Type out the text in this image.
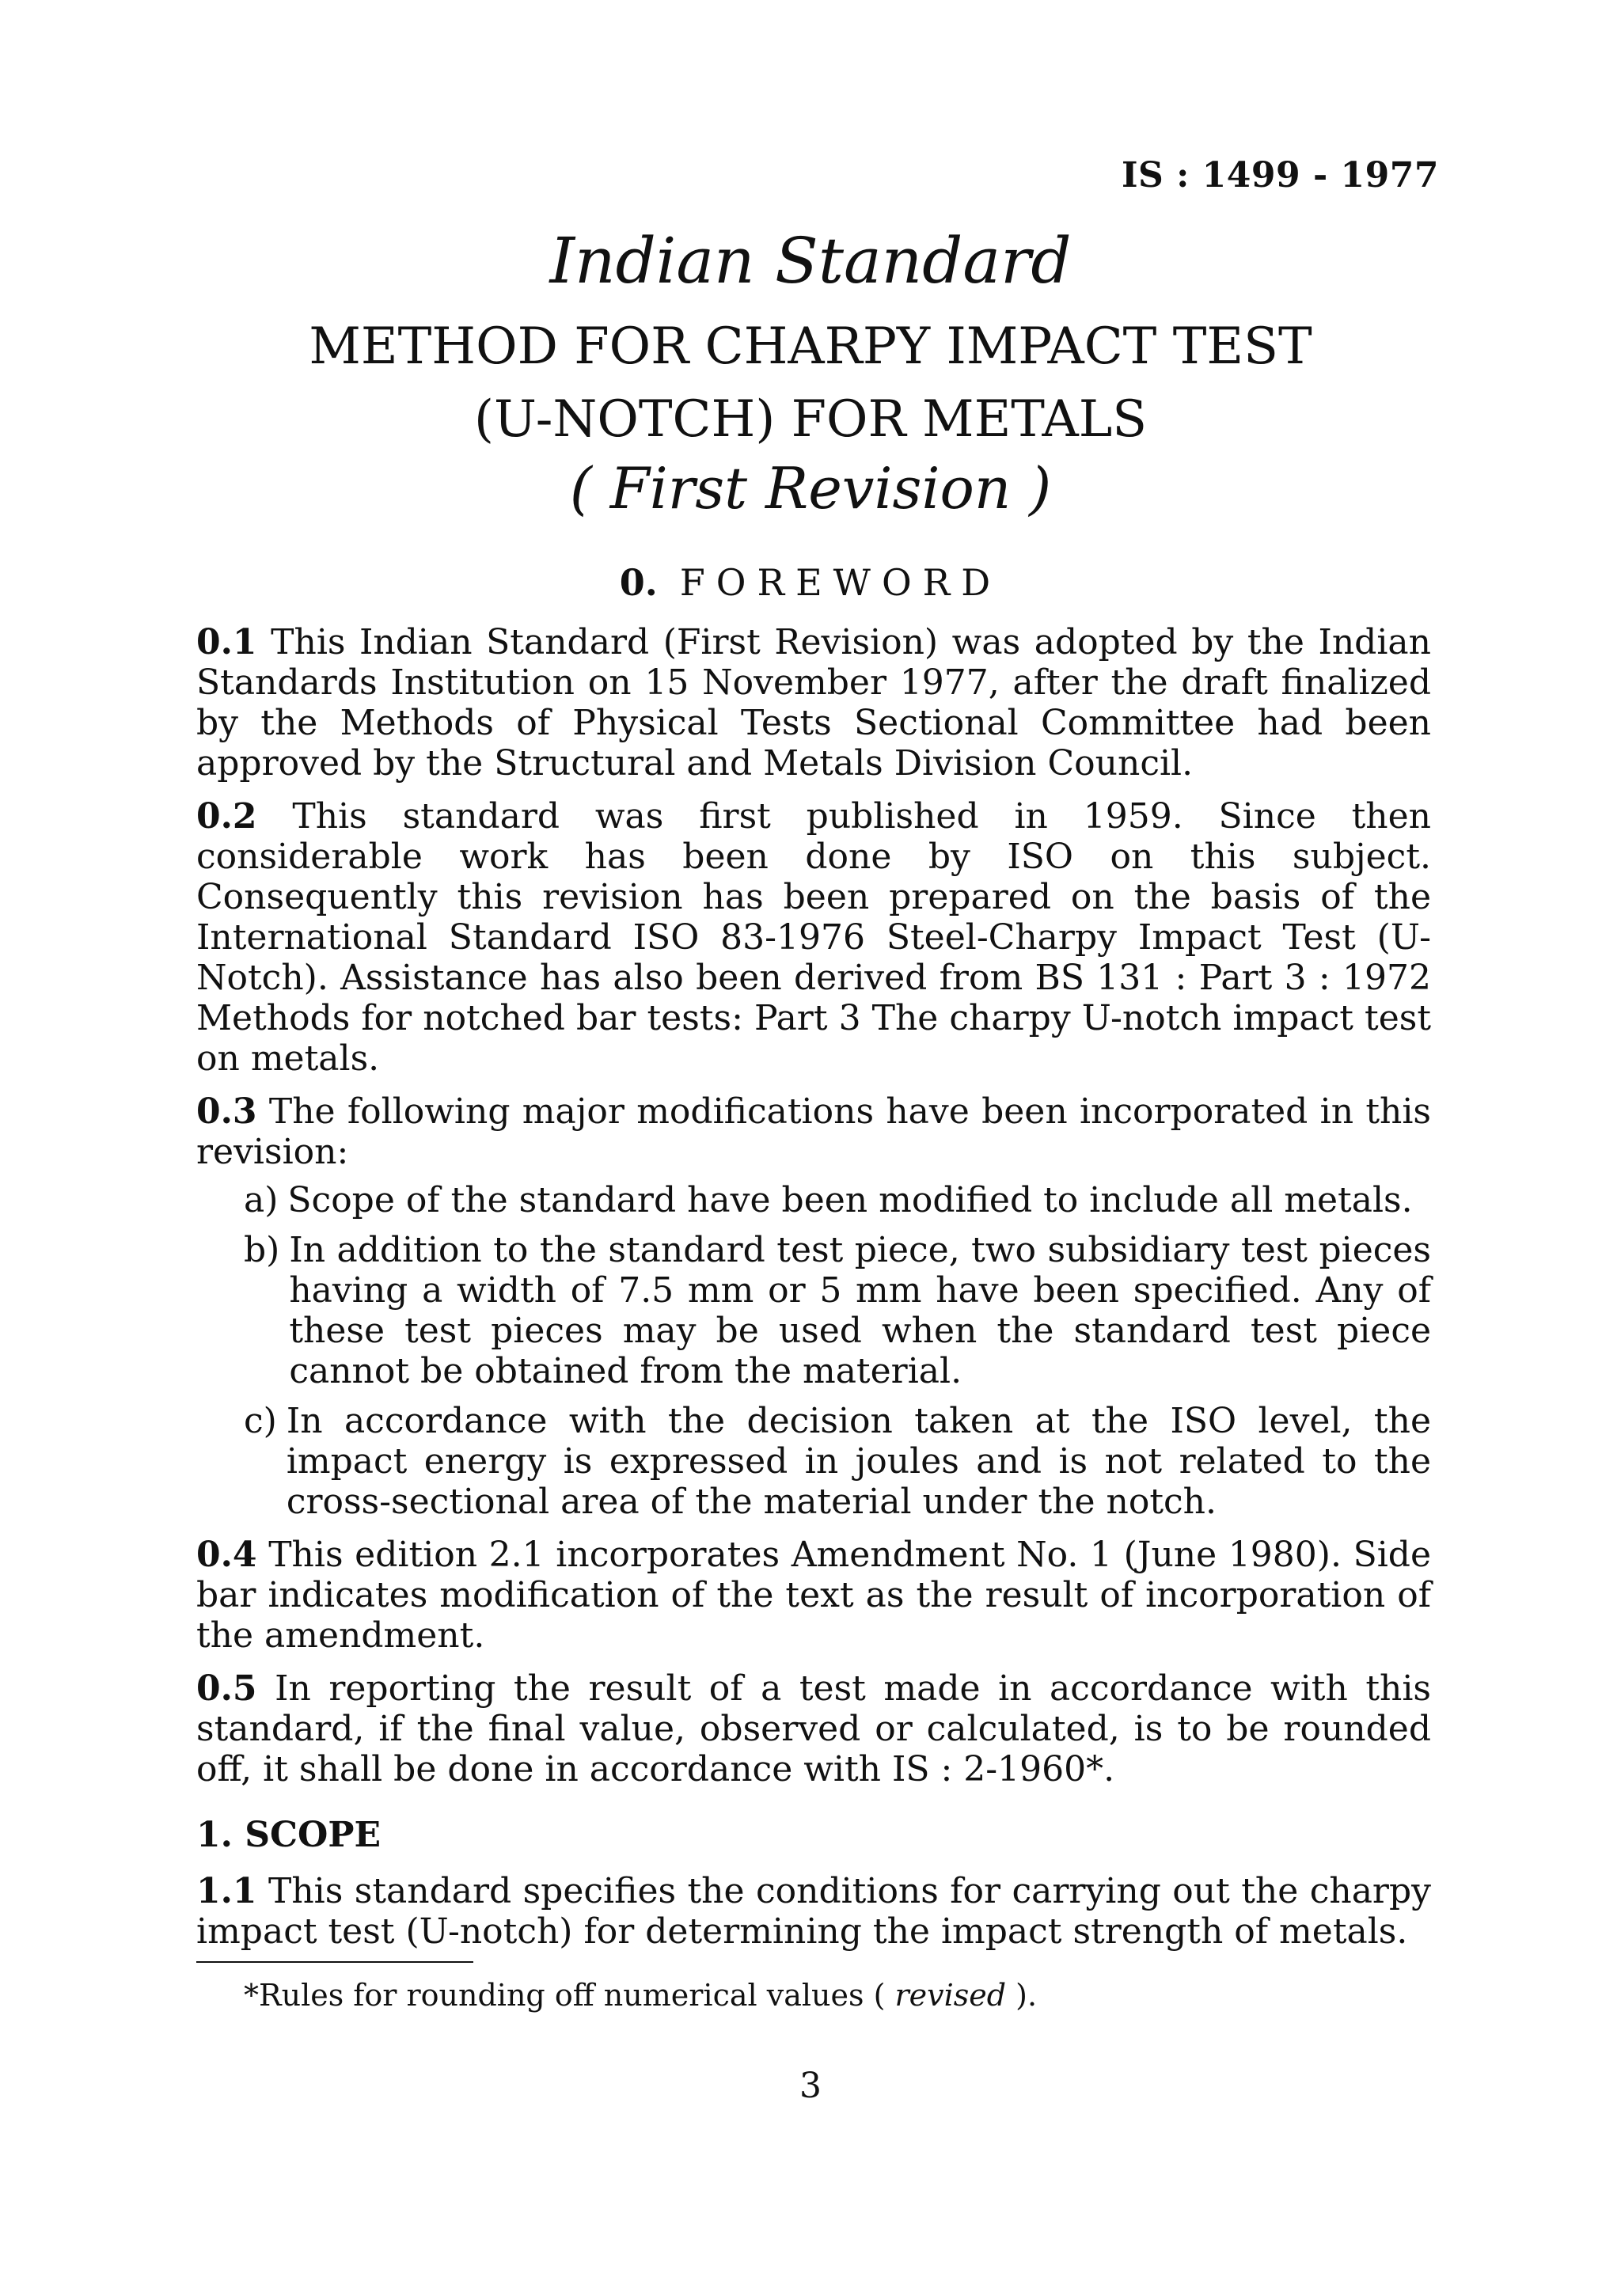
IS : 1499 - 1977
Indian Standard
METHOD FOR CHARPY IMPACT TEST
(U-NOTCH) FOR METALS
( First Revision )
0. FOREWORD

0.1 This Indian Standard (First Revision) was adopted by the Indian Standards Institution on 15 November 1977, after the draft finalized by the Methods of Physical Tests Sectional Committee had been approved by the Structural and Metals Division Council.

0.2 This standard was first published in 1959. Since then considerable work has been done by ISO on this subject. Consequently this revision has been prepared on the basis of the International Standard ISO 83-1976 Steel-Charpy Impact Test (U-Notch). Assistance has also been derived from BS 131 : Part 3 : 1972 Methods for notched bar tests: Part 3 The charpy U-notch impact test on metals.

0.3 The following major modifications have been incorporated in this revision:

a) Scope of the standard have been modified to include all metals.
b) In addition to the standard test piece, two subsidiary test pieces having a width of 7.5 mm or 5 mm have been specified. Any of these test pieces may be used when the standard test piece cannot be obtained from the material.
c) In accordance with the decision taken at the ISO level, the impact energy is expressed in joules and is not related to the cross-sectional area of the material under the notch.

0.4 This edition 2.1 incorporates Amendment No. 1 (June 1980). Side bar indicates modification of the text as the result of incorporation of the amendment.

0.5 In reporting the result of a test made in accordance with this standard, if the final value, observed or calculated, is to be rounded off, it shall be done in accordance with IS : 2-1960*.

1. SCOPE

1.1 This standard specifies the conditions for carrying out the charpy impact test (U-notch) for determining the impact strength of metals.

*Rules for rounding off numerical values ( revised ).
3
